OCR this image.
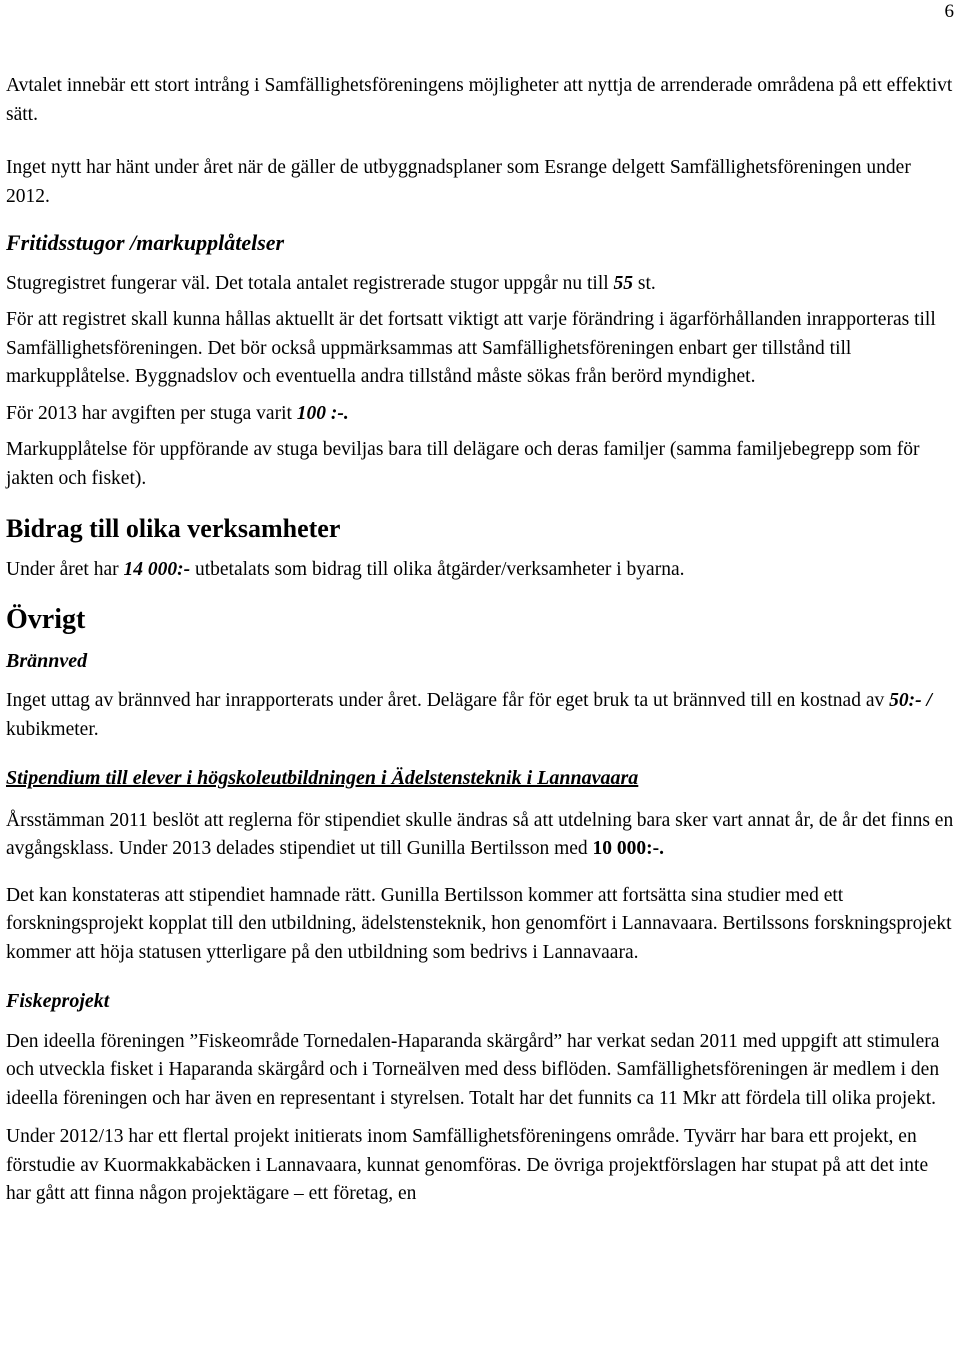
6

Avtalet innebär ett stort intrång i Samfällighetsföreningens möjligheter att nyttja de arrenderade områdena på ett effektivt sätt.

Inget nytt har hänt under året när de gäller de utbyggnadsplaner som Esrange delgett Samfällighetsföreningen under 2012.

Fritidsstugor /markupplåtelser

Stugregistret fungerar väl. Det totala antalet registrerade stugor uppgår nu till 55 st.

För att registret skall kunna hållas aktuellt är det fortsatt viktigt att varje förändring i ägarförhållanden inrapporteras till Samfällighetsföreningen. Det bör också uppmärksammas att Samfällighetsföreningen enbart ger tillstånd till markupplåtelse. Byggnadslov och eventuella andra tillstånd måste sökas från berörd myndighet.

För 2013 har avgiften per stuga varit 100 :-.

Markupplåtelse för uppförande av stuga beviljas bara till delägare och deras familjer (samma familjebegrepp som för jakten och fisket).

Bidrag till olika verksamheter

Under året har 14 000:- utbetalats som bidrag till olika åtgärder/verksamheter i byarna.

Övrigt

Brännved

Inget uttag av brännved har inrapporterats under året. Delägare får för eget bruk ta ut brännved till en kostnad av 50:- / kubikmeter.

Stipendium till elever i högskoleutbildningen i Ädelstensteknik i Lannavaara

Årsstämman 2011 beslöt att reglerna för stipendiet skulle ändras så att utdelning bara sker vart annat år, de år det finns en avgångsklass. Under 2013 delades stipendiet ut till Gunilla Bertilsson med 10 000:-.

Det kan konstateras att stipendiet hamnade rätt. Gunilla Bertilsson kommer att fortsätta sina studier med ett forskningsprojekt kopplat till den utbildning, ädelstensteknik, hon genomfört i Lannavaara. Bertilssons forskningsprojekt kommer att höja statusen ytterligare på den utbildning som bedrivs i Lannavaara.

Fiskeprojekt

Den ideella föreningen ”Fiskeområde Tornedalen-Haparanda skärgård” har verkat sedan 2011 med uppgift att stimulera och utveckla fisket i Haparanda skärgård och i Torneälven med dess biflöden. Samfällighetsföreningen är medlem i den ideella föreningen och har även en representant i styrelsen. Totalt har det funnits ca 11 Mkr att fördela till olika projekt.

Under 2012/13 har ett flertal projekt initierats inom Samfällighetsföreningens område. Tyvärr har bara ett projekt, en förstudie av Kuormakkabäcken i Lannavaara, kunnat genomföras. De övriga projektförslagen har stupat på att det inte har gått att finna någon projektägare – ett företag, en
